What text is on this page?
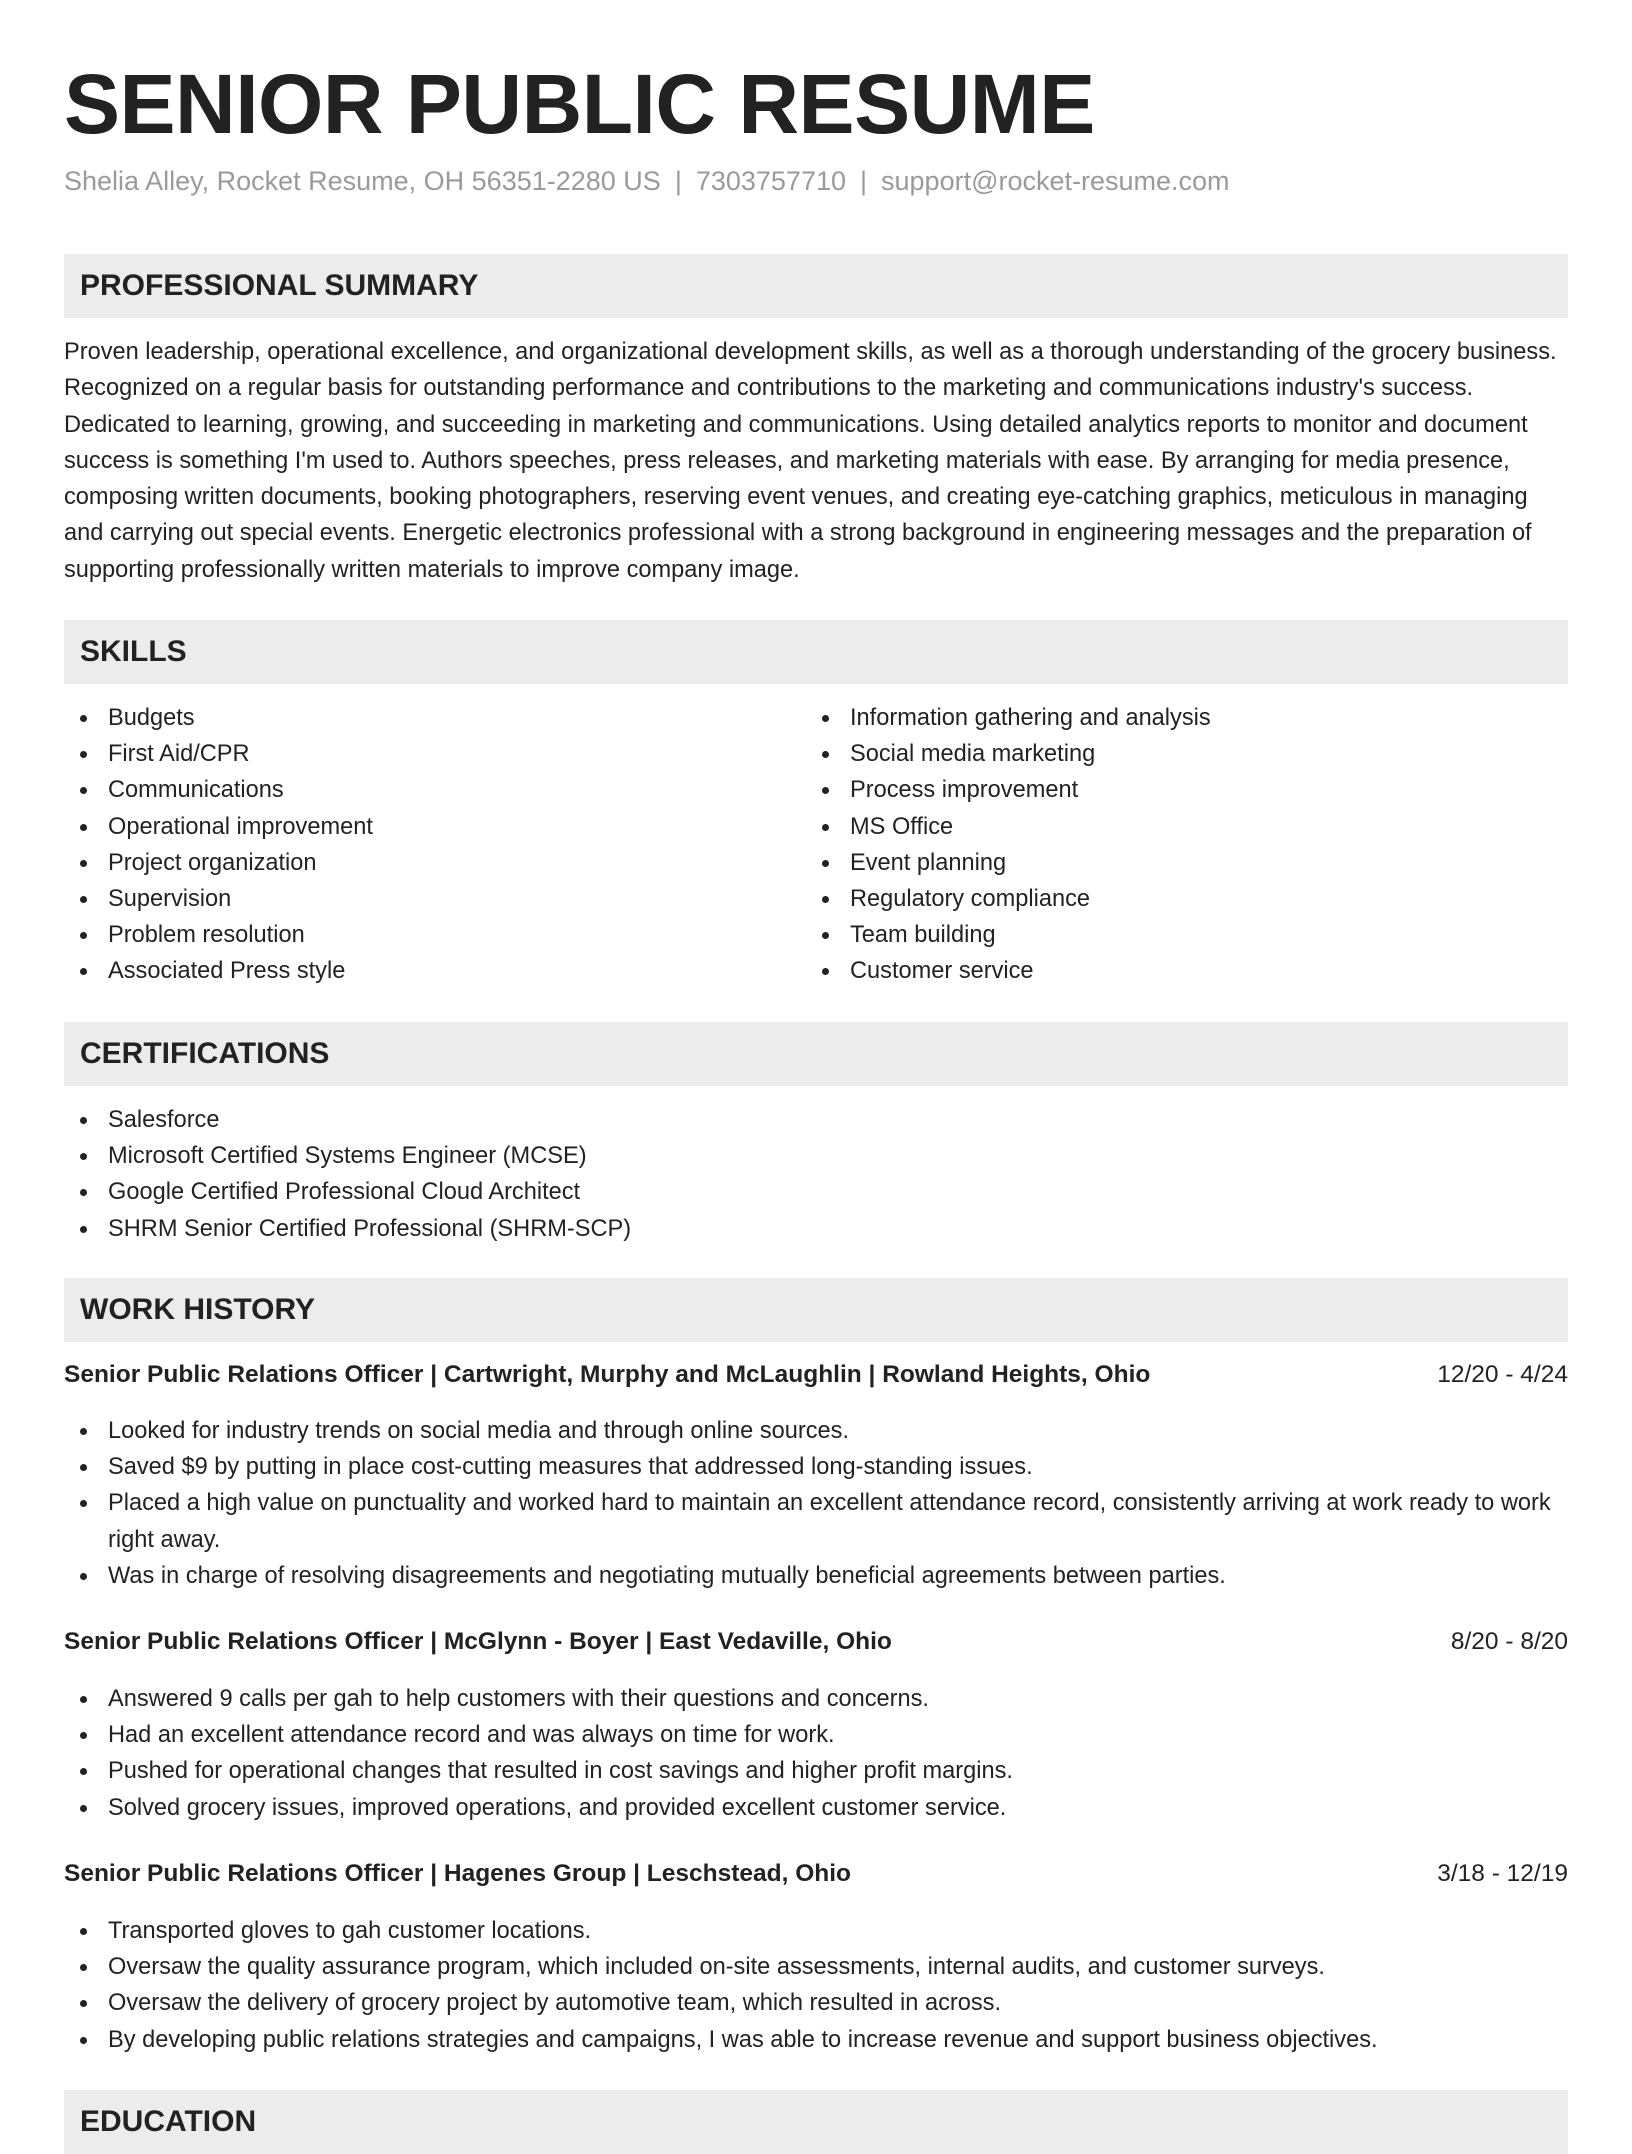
SENIOR PUBLIC RESUME
Shelia Alley, Rocket Resume, OH 56351-2280 US | 7303757710 | support@rocket-resume.com
PROFESSIONAL SUMMARY

Proven leadership, operational excellence, and organizational development skills, as well as a thorough understanding of the grocery business. Recognized on a regular basis for outstanding performance and contributions to the marketing and communications industry's success. Dedicated to learning, growing, and succeeding in marketing and communications. Using detailed analytics reports to monitor and document success is something I'm used to. Authors speeches, press releases, and marketing materials with ease. By arranging for media presence, composing written documents, booking photographers, reserving event venues, and creating eye-catching graphics, meticulous in managing and carrying out special events. Energetic electronics professional with a strong background in engineering messages and the preparation of supporting professionally written materials to improve company image.

SKILLS
Budgets
First Aid/CPR
Communications
Operational improvement
Project organization
Supervision
Problem resolution
Associated Press style
Information gathering and analysis
Social media marketing
Process improvement
MS Office
Event planning
Regulatory compliance
Team building
Customer service
CERTIFICATIONS
Salesforce
Microsoft Certified Systems Engineer (MCSE)
Google Certified Professional Cloud Architect
SHRM Senior Certified Professional (SHRM-SCP)
WORK HISTORY
Senior Public Relations Officer | Cartwright, Murphy and McLaughlin | Rowland Heights, Ohio	12/20 - 4/24
Looked for industry trends on social media and through online sources.
Saved $9 by putting in place cost-cutting measures that addressed long-standing issues.
Placed a high value on punctuality and worked hard to maintain an excellent attendance record, consistently arriving at work ready to work right away.
Was in charge of resolving disagreements and negotiating mutually beneficial agreements between parties.
Senior Public Relations Officer | McGlynn - Boyer | East Vedaville, Ohio	8/20 - 8/20
Answered 9 calls per gah to help customers with their questions and concerns.
Had an excellent attendance record and was always on time for work.
Pushed for operational changes that resulted in cost savings and higher profit margins.
Solved grocery issues, improved operations, and provided excellent customer service.
Senior Public Relations Officer | Hagenes Group | Leschstead, Ohio	3/18 - 12/19
Transported gloves to gah customer locations.
Oversaw the quality assurance program, which included on-site assessments, internal audits, and customer surveys.
Oversaw the delivery of grocery project by automotive team, which resulted in across.
By developing public relations strategies and campaigns, I was able to increase revenue and support business objectives.
EDUCATION
